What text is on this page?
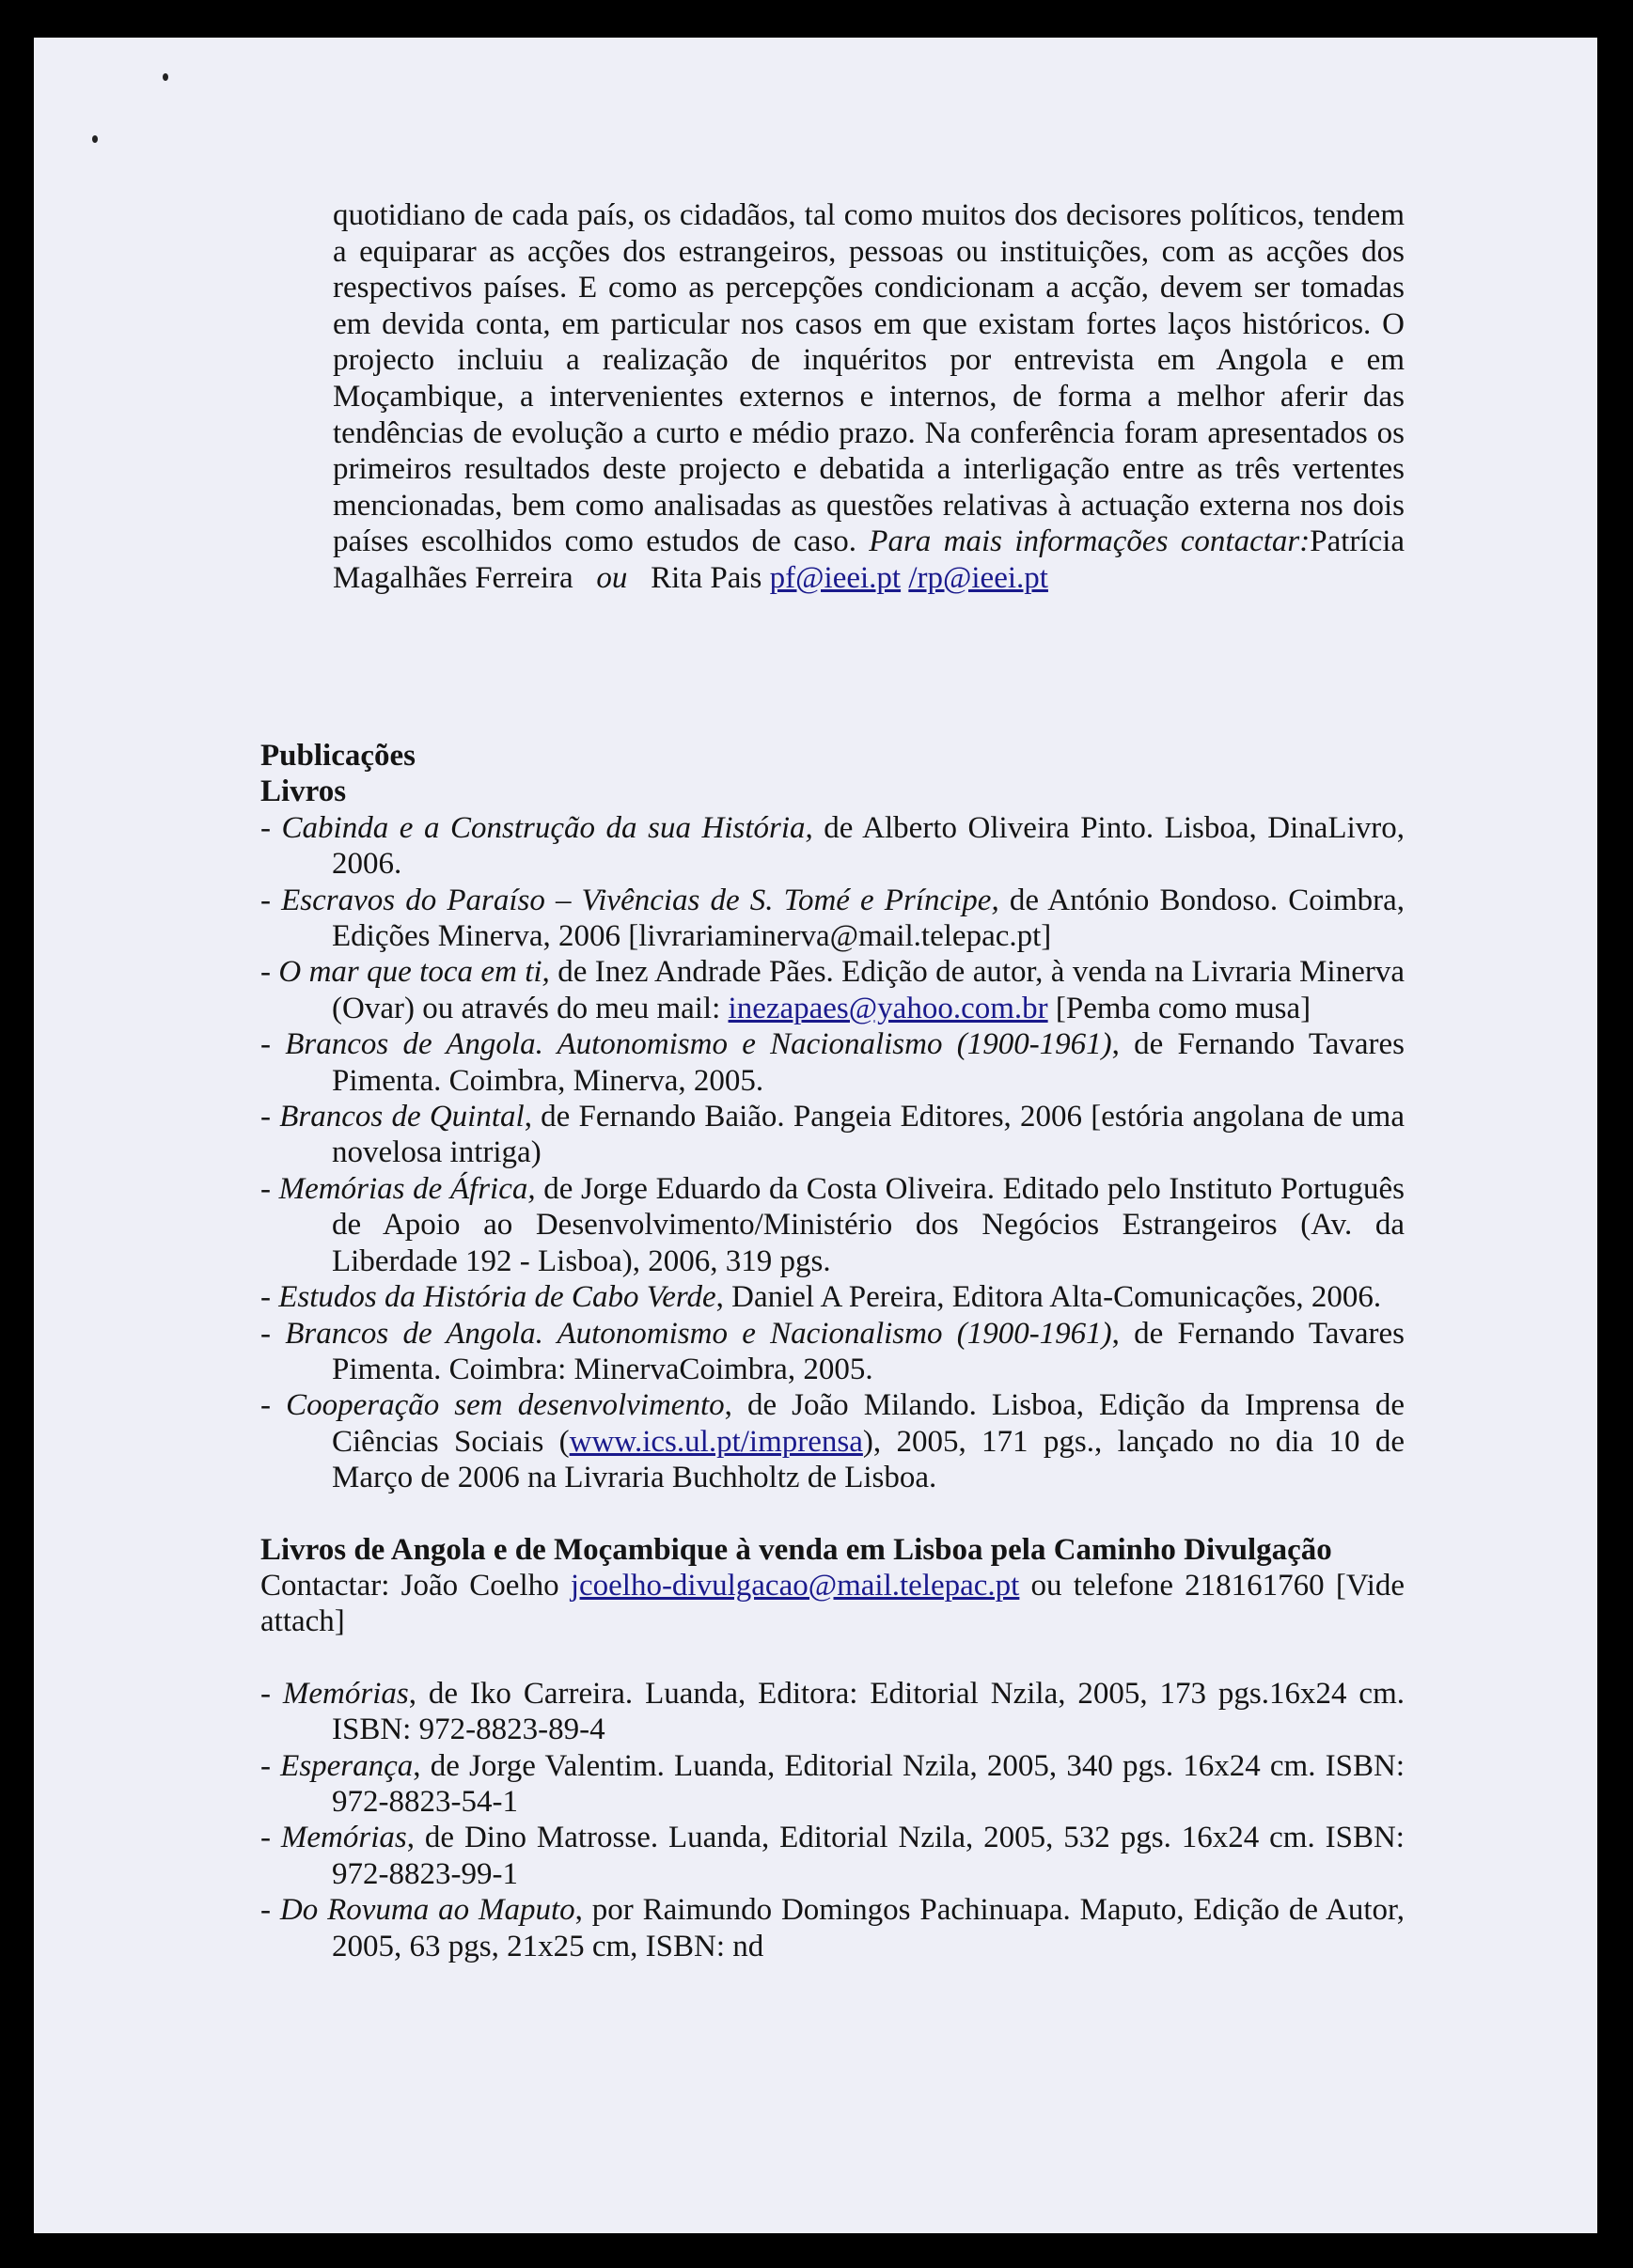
quotidiano de cada país, os cidadãos, tal como muitos dos decisores políticos, tendem a equiparar as acções dos estrangeiros, pessoas ou instituições, com as acções dos respectivos países. E como as percepções condicionam a acção, devem ser tomadas em devida conta, em particular nos casos em que existam fortes laços históricos. O projecto incluiu a realização de inquéritos por entrevista em Angola e em Moçambique, a intervenientes externos e internos, de forma a melhor aferir das tendências de evolução a curto e médio prazo. Na conferência foram apresentados os primeiros resultados deste projecto e debatida a interligação entre as três vertentes mencionadas, bem como analisadas as questões relativas à actuação externa nos dois países escolhidos como estudos de caso. Para mais informações contactar:Patrícia Magalhães Ferreira ou Rita Pais pf@ieei.pt /rp@ieei.pt

Publicações

Livros

- Cabinda e a Construção da sua História, de Alberto Oliveira Pinto. Lisboa, DinaLivro, 2006.

- Escravos do Paraíso – Vivências de S. Tomé e Príncipe, de António Bondoso. Coimbra, Edições Minerva, 2006 [livrariaminerva@mail.telepac.pt]

- O mar que toca em ti, de Inez Andrade Pães. Edição de autor, à venda na Livraria Minerva (Ovar) ou através do meu mail: inezapaes@yahoo.com.br [Pemba como musa]

- Brancos de Angola. Autonomismo e Nacionalismo (1900-1961), de Fernando Tavares Pimenta. Coimbra, Minerva, 2005.

- Brancos de Quintal, de Fernando Baião. Pangeia Editores, 2006 [estória angolana de uma novelosa intriga)

- Memórias de África, de Jorge Eduardo da Costa Oliveira. Editado pelo Instituto Português de Apoio ao Desenvolvimento/Ministério dos Negócios Estrangeiros (Av. da Liberdade 192 - Lisboa), 2006, 319 pgs.

- Estudos da História de Cabo Verde, Daniel A Pereira, Editora Alta-Comunicações, 2006.

- Brancos de Angola. Autonomismo e Nacionalismo (1900-1961), de Fernando Tavares Pimenta. Coimbra: MinervaCoimbra, 2005.

- Cooperação sem desenvolvimento, de João Milando. Lisboa, Edição da Imprensa de Ciências Sociais (www.ics.ul.pt/imprensa), 2005, 171 pgs., lançado no dia 10 de Março de 2006 na Livraria Buchholtz de Lisboa.

Livros de Angola e de Moçambique à venda em Lisboa pela Caminho Divulgação

Contactar: João Coelho jcoelho-divulgacao@mail.telepac.pt ou telefone 218161760 [Vide attach]

- Memórias, de Iko Carreira. Luanda, Editora: Editorial Nzila, 2005, 173 pgs.16x24 cm. ISBN: 972-8823-89-4

- Esperança, de Jorge Valentim. Luanda, Editorial Nzila, 2005, 340 pgs. 16x24 cm. ISBN: 972-8823-54-1

- Memórias, de Dino Matrosse. Luanda, Editorial Nzila, 2005, 532 pgs. 16x24 cm. ISBN: 972-8823-99-1

- Do Rovuma ao Maputo, por Raimundo Domingos Pachinuapa. Maputo, Edição de Autor, 2005, 63 pgs, 21x25 cm, ISBN: nd
